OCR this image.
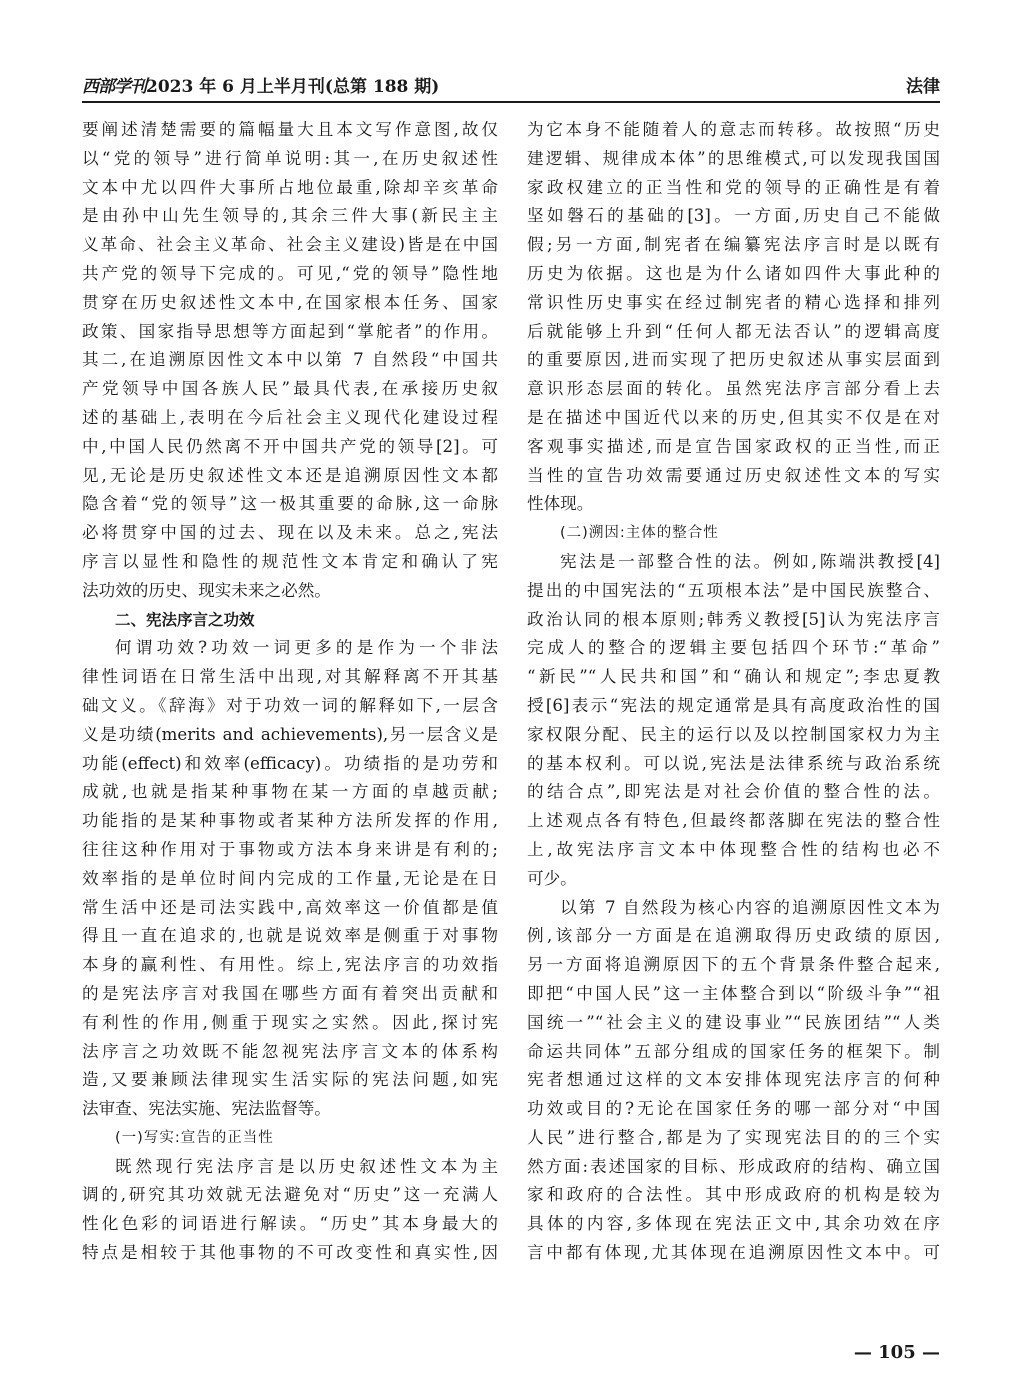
西部学刊2023 年 6 月上半月刊(总第 188 期)	法律
要阐述清楚需要的篇幅量大且本文写作意图,故仅
以“党的领导”进行简单说明:其一,在历史叙述性
文本中尤以四件大事所占地位最重,除却辛亥革命
是由孙中山先生领导的,其余三件大事(新民主主
义革命、社会主义革命、社会主义建设)皆是在中国
共产党的领导下完成的。可见,“党的领导”隐性地
贯穿在历史叙述性文本中,在国家根本任务、国家
政策、国家指导思想等方面起到“掌舵者”的作用。
其二,在追溯原因性文本中以第 7 自然段“中国共
产党领导中国各族人民”最具代表,在承接历史叙
述的基础上,表明在今后社会主义现代化建设过程
中,中国人民仍然离不开中国共产党的领导[2]。可
见,无论是历史叙述性文本还是追溯原因性文本都
隐含着“党的领导”这一极其重要的命脉,这一命脉
必将贯穿中国的过去、现在以及未来。总之,宪法
序言以显性和隐性的规范性文本肯定和确认了宪
法功效的历史、现实未来之必然。
二、宪法序言之功效
何谓功效?功效一词更多的是作为一个非法
律性词语在日常生活中出现,对其解释离不开其基
础文义。《辞海》对于功效一词的解释如下,一层含
义是功绩(merits and achievements),另一层含义是
功能(effect)和效率(efficacy)。功绩指的是功劳和
成就,也就是指某种事物在某一方面的卓越贡献;
功能指的是某种事物或者某种方法所发挥的作用,
往往这种作用对于事物或方法本身来讲是有利的;
效率指的是单位时间内完成的工作量,无论是在日
常生活中还是司法实践中,高效率这一价值都是值
得且一直在追求的,也就是说效率是侧重于对事物
本身的赢利性、有用性。综上,宪法序言的功效指
的是宪法序言对我国在哪些方面有着突出贡献和
有利性的作用,侧重于现实之实然。因此,探讨宪
法序言之功效既不能忽视宪法序言文本的体系构
造,又要兼顾法律现实生活实际的宪法问题,如宪
法审查、宪法实施、宪法监督等。
(一)写实:宣告的正当性
既然现行宪法序言是以历史叙述性文本为主
调的,研究其功效就无法避免对“历史”这一充满人
性化色彩的词语进行解读。“历史”其本身最大的
特点是相较于其他事物的不可改变性和真实性,因
为它本身不能随着人的意志而转移。故按照“历史
建逻辑、规律成本体”的思维模式,可以发现我国国
家政权建立的正当性和党的领导的正确性是有着
坚如磐石的基础的[3]。一方面,历史自己不能做
假;另一方面,制宪者在编纂宪法序言时是以既有
历史为依据。这也是为什么诸如四件大事此种的
常识性历史事实在经过制宪者的精心选择和排列
后就能够上升到“任何人都无法否认”的逻辑高度
的重要原因,进而实现了把历史叙述从事实层面到
意识形态层面的转化。虽然宪法序言部分看上去
是在描述中国近代以来的历史,但其实不仅是在对
客观事实描述,而是宣告国家政权的正当性,而正
当性的宣告功效需要通过历史叙述性文本的写实
性体现。
(二)溯因:主体的整合性
宪法是一部整合性的法。例如,陈端洪教授[4]
提出的中国宪法的“五项根本法”是中国民族整合、
政治认同的根本原则;韩秀义教授[5]认为宪法序言
完成人的整合的逻辑主要包括四个环节:“革命”
“新民”“人民共和国”和“确认和规定”;李忠夏教
授[6]表示“宪法的规定通常是具有高度政治性的国
家权限分配、民主的运行以及以控制国家权力为主
的基本权利。可以说,宪法是法律系统与政治系统
的结合点”,即宪法是对社会价值的整合性的法。
上述观点各有特色,但最终都落脚在宪法的整合性
上,故宪法序言文本中体现整合性的结构也必不
可少。
以第 7 自然段为核心内容的追溯原因性文本为
例,该部分一方面是在追溯取得历史政绩的原因,
另一方面将追溯原因下的五个背景条件整合起来,
即把“中国人民”这一主体整合到以“阶级斗争”“祖
国统一”“社会主义的建设事业”“民族团结”“人类
命运共同体”五部分组成的国家任务的框架下。制
宪者想通过这样的文本安排体现宪法序言的何种
功效或目的?无论在国家任务的哪一部分对“中国
人民”进行整合,都是为了实现宪法目的的三个实
然方面:表述国家的目标、形成政府的结构、确立国
家和政府的合法性。其中形成政府的机构是较为
具体的内容,多体现在宪法正文中,其余功效在序
言中都有体现,尤其体现在追溯原因性文本中。可
— 105 —
